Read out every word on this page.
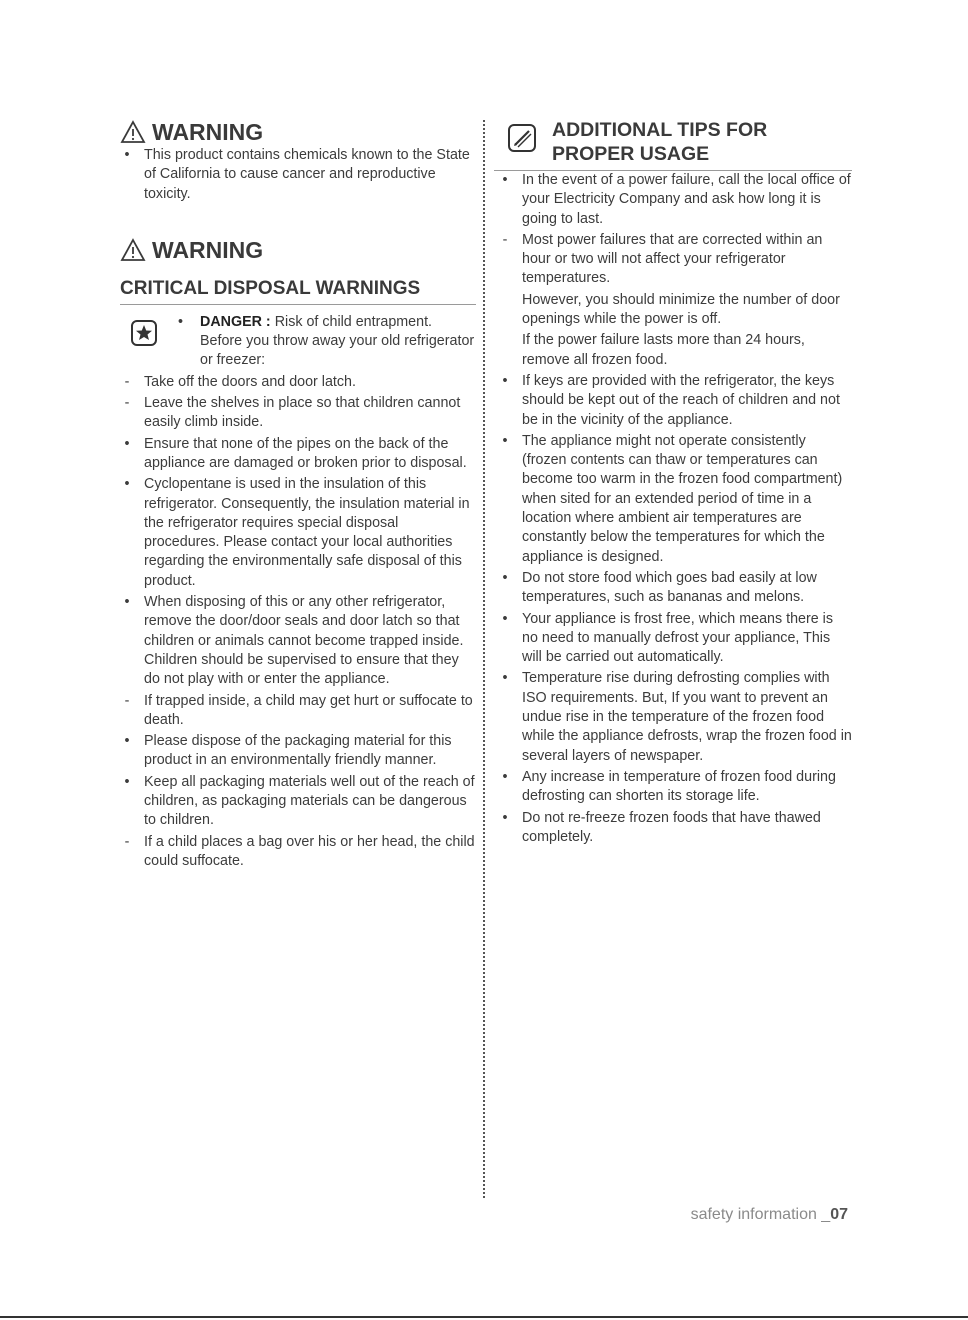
WARNING
•	This product contains chemicals known to the State of California to cause cancer and reproductive toxicity.
WARNING
CRITICAL DISPOSAL WARNINGS
• DANGER : Risk of child entrapment. Before you throw away your old refrigerator or freezer:
-	Take off the doors and door latch.
-	Leave the shelves in place so that children cannot easily climb inside.
•	Ensure that none of the pipes on the back of the appliance are damaged or broken prior to disposal.
•	Cyclopentane is used in the insulation of this refrigerator. Consequently, the insulation material in the refrigerator requires special disposal procedures. Please contact your local authorities regarding the environmentally safe disposal of this product.
•	When disposing of this or any other refrigerator, remove the door/door seals and door latch so that children or animals cannot become trapped inside. Children should be supervised to ensure that they do not play with or enter the appliance.
-	If trapped inside, a child may get hurt or suffocate to death.
•	Please dispose of the packaging material for this product in an environmentally friendly manner.
•	Keep all packaging materials well out of the reach of children, as packaging materials can be dangerous to children.
-	If a child places a bag over his or her head, the child could suffocate.
ADDITIONAL TIPS FOR
PROPER USAGE
•	In the event of a power failure, call the local office of your Electricity Company and ask how long it is going to last.
-	Most power failures that are corrected within an hour or two will not affect your refrigerator temperatures.
However, you should minimize the number of door openings while the power is off.
If the power failure lasts more than 24 hours, remove all frozen food.
•	If keys are provided with the refrigerator, the keys should be kept out of the reach of children and not be in the vicinity of the appliance.
•	The appliance might not operate consistently (frozen contents can thaw or temperatures can become too warm in the frozen food compartment) when sited for an extended period of time in a location where ambient air temperatures are constantly below the temperatures for which the appliance is designed.
•	Do not store food which goes bad easily at low temperatures, such as bananas and melons.
•	Your appliance is frost free, which means there is no need to manually defrost your appliance, This will be carried out automatically.
•	Temperature rise during defrosting complies with ISO requirements. But, If you want to prevent an undue rise in the temperature of the frozen food while the appliance defrosts, wrap the frozen food in several layers of newspaper.
•	Any increase in temperature of frozen food during defrosting can shorten its storage life.
•	Do not re-freeze frozen foods that have thawed completely.
safety information _07
